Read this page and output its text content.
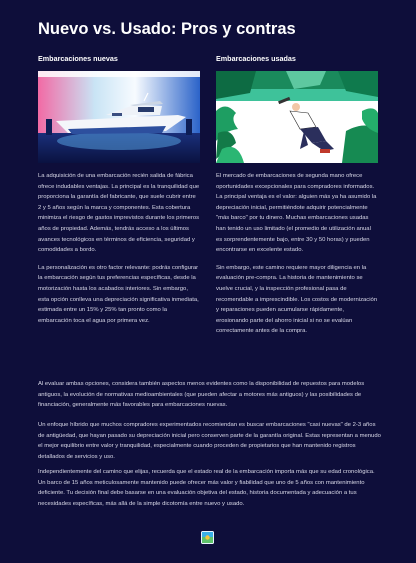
Nuevo vs. Usado: Pros y contras
Embarcaciones nuevas

La adquisición de una embarcación recién salida de fábrica ofrece indudables ventajas. La principal es la tranquilidad que proporciona la garantía del fabricante, que suele cubrir entre 2 y 5 años según la marca y componentes. Esta cobertura minimiza el riesgo de gastos imprevistos durante los primeros años de propiedad. Además, tendrás acceso a los últimos avances tecnológicos en términos de eficiencia, seguridad y comodidades a bordo.

La personalización es otro factor relevante: podrás configurar la embarcación según tus preferencias específicas, desde la motorización hasta los acabados interiores. Sin embargo, esta opción conlleva una depreciación significativa inmediata, estimada entre un 15% y 25% tan pronto como la embarcación toca el agua por primera vez.

Embarcaciones usadas

El mercado de embarcaciones de segunda mano ofrece oportunidades excepcionales para compradores informados. La principal ventaja es el valor: alguien más ya ha asumido la depreciación inicial, permitiéndote adquirir potencialmente "más barco" por tu dinero. Muchas embarcaciones usadas han tenido un uso limitado (el promedio de utilización anual es sorprendentemente bajo, entre 30 y 50 horas) y pueden encontrarse en excelente estado.

Sin embargo, este camino requiere mayor diligencia en la evaluación pre-compra. La historia de mantenimiento se vuelve crucial, y la inspección profesional pasa de recomendable a imprescindible. Los costos de modernización y reparaciones pueden acumularse rápidamente, erosionando parte del ahorro inicial si no se evalúan correctamente antes de la compra.

Al evaluar ambas opciones, considera también aspectos menos evidentes como la disponibilidad de repuestos para modelos antiguos, la evolución de normativas medioambientales (que pueden afectar a motores más antiguos) y las posibilidades de financiación, generalmente más favorables para embarcaciones nuevas.
Un enfoque híbrido que muchos compradores experimentados recomiendan es buscar embarcaciones "casi nuevas" de 2-3 años de antigüedad, que hayan pasado su depreciación inicial pero conserven parte de la garantía original. Estas representan a menudo el mejor equilibrio entre valor y tranquilidad, especialmente cuando proceden de propietarios que han mantenido registros detallados de servicios y uso.
Independientemente del camino que elijas, recuerda que el estado real de la embarcación importa más que su edad cronológica. Un barco de 15 años meticulosamente mantenido puede ofrecer más valor y fiabilidad que uno de 5 años con mantenimiento deficiente. Tu decisión final debe basarse en una evaluación objetiva del estado, historia documentada y adecuación a tus necesidades específicas, más allá de la simple dicotomía entre nuevo y usado.
